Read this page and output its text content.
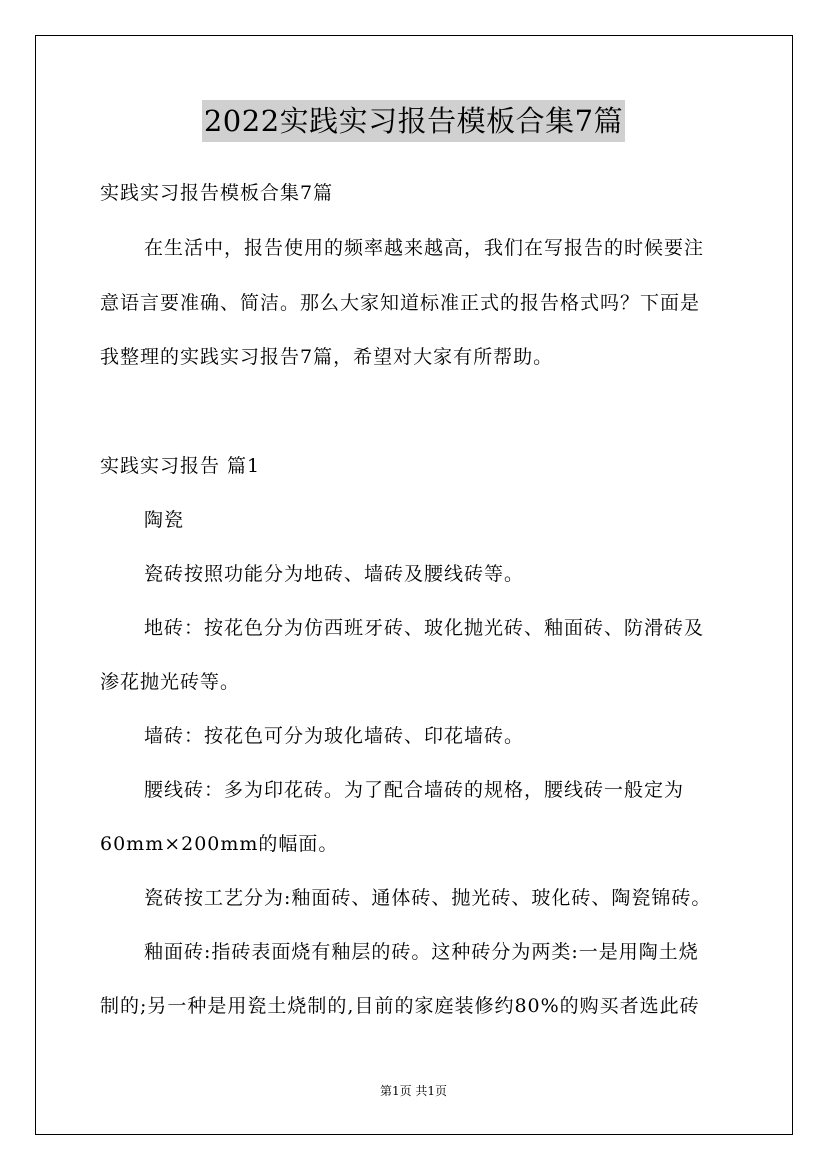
2022实践实习报告模板合集7篇
实践实习报告模板合集7篇
在生活中，报告使用的频率越来越高，我们在写报告的时候要注
意语言要准确、简洁。那么大家知道标准正式的报告格式吗？下面是
我整理的实践实习报告7篇，希望对大家有所帮助。
实践实习报告 篇1
陶瓷
瓷砖按照功能分为地砖、墙砖及腰线砖等。
地砖：按花色分为仿西班牙砖、玻化抛光砖、釉面砖、防滑砖及
渗花抛光砖等。
墙砖：按花色可分为玻化墙砖、印花墙砖。
腰线砖：多为印花砖。为了配合墙砖的规格，腰线砖一般定为
60mm×200mm的幅面。
瓷砖按工艺分为:釉面砖、通体砖、抛光砖、玻化砖、陶瓷锦砖。
釉面砖:指砖表面烧有釉层的砖。这种砖分为两类:一是用陶土烧
制的;另一种是用瓷土烧制的,目前的家庭装修约80%的购买者选此砖
第1页 共1页
